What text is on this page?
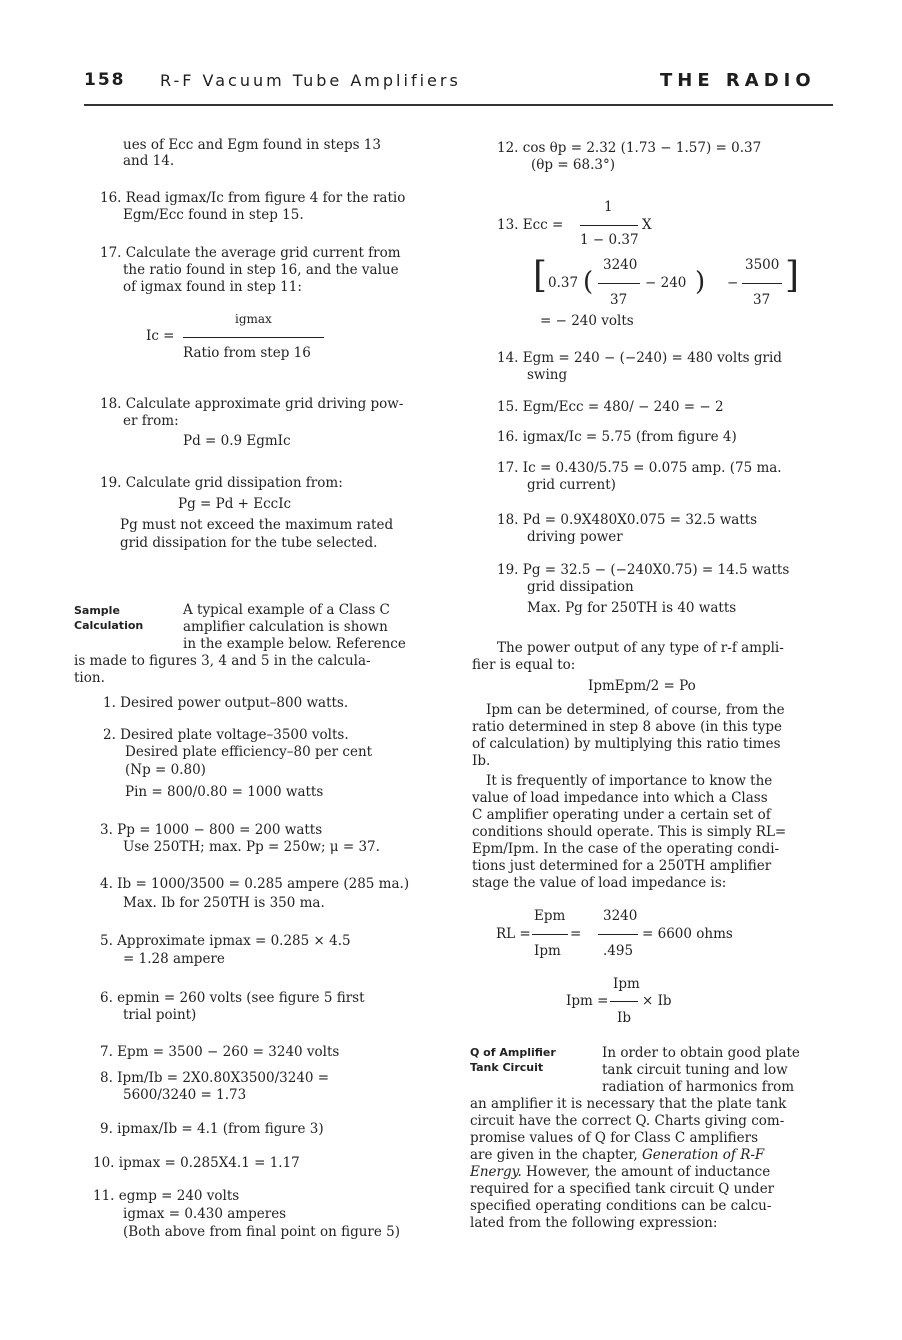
158 R-F Vacuum Tube Amplifiers	THE RADIO
ues of Ecc and Egm found in steps 13
and 14.
16. Read igmax/Ic from figure 4 for the ratio
Egm/Ecc found in step 15.
17. Calculate the average grid current from
the ratio found in step 16, and the value
of igmax found in step 11:
igmax
Ic =
Ratio from step 16
18. Calculate approximate grid driving pow-
er from:
Pd = 0.9 EgmIc
19. Calculate grid dissipation from:
Pg = Pd + EccIc
Pg must not exceed the maximum rated
grid dissipation for the tube selected.
Sample
Calculation
A typical example of a Class C
amplifier calculation is shown
in the example below. Reference
is made to figures 3, 4 and 5 in the calcula-
tion.
1. Desired power output–800 watts.
2. Desired plate voltage–3500 volts.
Desired plate efficiency–80 per cent
(Np = 0.80)
Pin = 800/0.80 = 1000 watts
3. Pp = 1000 − 800 = 200 watts
Use 250TH; max. Pp = 250w; μ = 37.
4. Ib = 1000/3500 = 0.285 ampere (285 ma.)
Max. Ib for 250TH is 350 ma.
5. Approximate ipmax = 0.285 × 4.5
= 1.28 ampere
6. epmin = 260 volts (see figure 5 first
trial point)
7. Epm = 3500 − 260 = 3240 volts
8. Ipm/Ib = 2X0.80X3500/3240 =
5600/3240 = 1.73
9. ipmax/Ib = 4.1 (from figure 3)
10. ipmax = 0.285X4.1 = 1.17
11. egmp = 240 volts
igmax = 0.430 amperes
(Both above from final point on figure 5)
12. cos θp = 2.32 (1.73 − 1.57) = 0.37
(θp = 68.3°)
1
13. Ecc =	X
1 − 0.37
[ 0.37 (
3240
37
− 240 ) −
3500
37
]
= − 240 volts
14. Egm = 240 − (−240) = 480 volts grid
swing
15. Egm/Ecc = 480/ − 240 = − 2
16. igmax/Ic = 5.75 (from figure 4)
17. Ic = 0.430/5.75 = 0.075 amp. (75 ma.
grid current)
18. Pd = 0.9X480X0.075 = 32.5 watts
driving power
19. Pg = 32.5 − (−240X0.75) = 14.5 watts
grid dissipation
Max. Pg for 250TH is 40 watts
The power output of any type of r-f ampli-
fier is equal to:
IpmEpm/2 = Po
Ipm can be determined, of course, from the
ratio determined in step 8 above (in this type
of calculation) by multiplying this ratio times
Ib.
It is frequently of importance to know the
value of load impedance into which a Class
C amplifier operating under a certain set of
conditions should operate. This is simply RL=
Epm/Ipm. In the case of the operating condi-
tions just determined for a 250TH amplifier
stage the value of load impedance is:
Epm	3240
RL =	=	= 6600 ohms
Ipm	.495
Ipm
Ipm = × Ib
Ib
Q of Amplifier
Tank Circuit
In order to obtain good plate
tank circuit tuning and low
radiation of harmonics from
an amplifier it is necessary that the plate tank
circuit have the correct Q. Charts giving com-
promise values of Q for Class C amplifiers
are given in the chapter, Generation of R-F
Energy. However, the amount of inductance
required for a specified tank circuit Q under
specified operating conditions can be calcu-
lated from the following expression:
